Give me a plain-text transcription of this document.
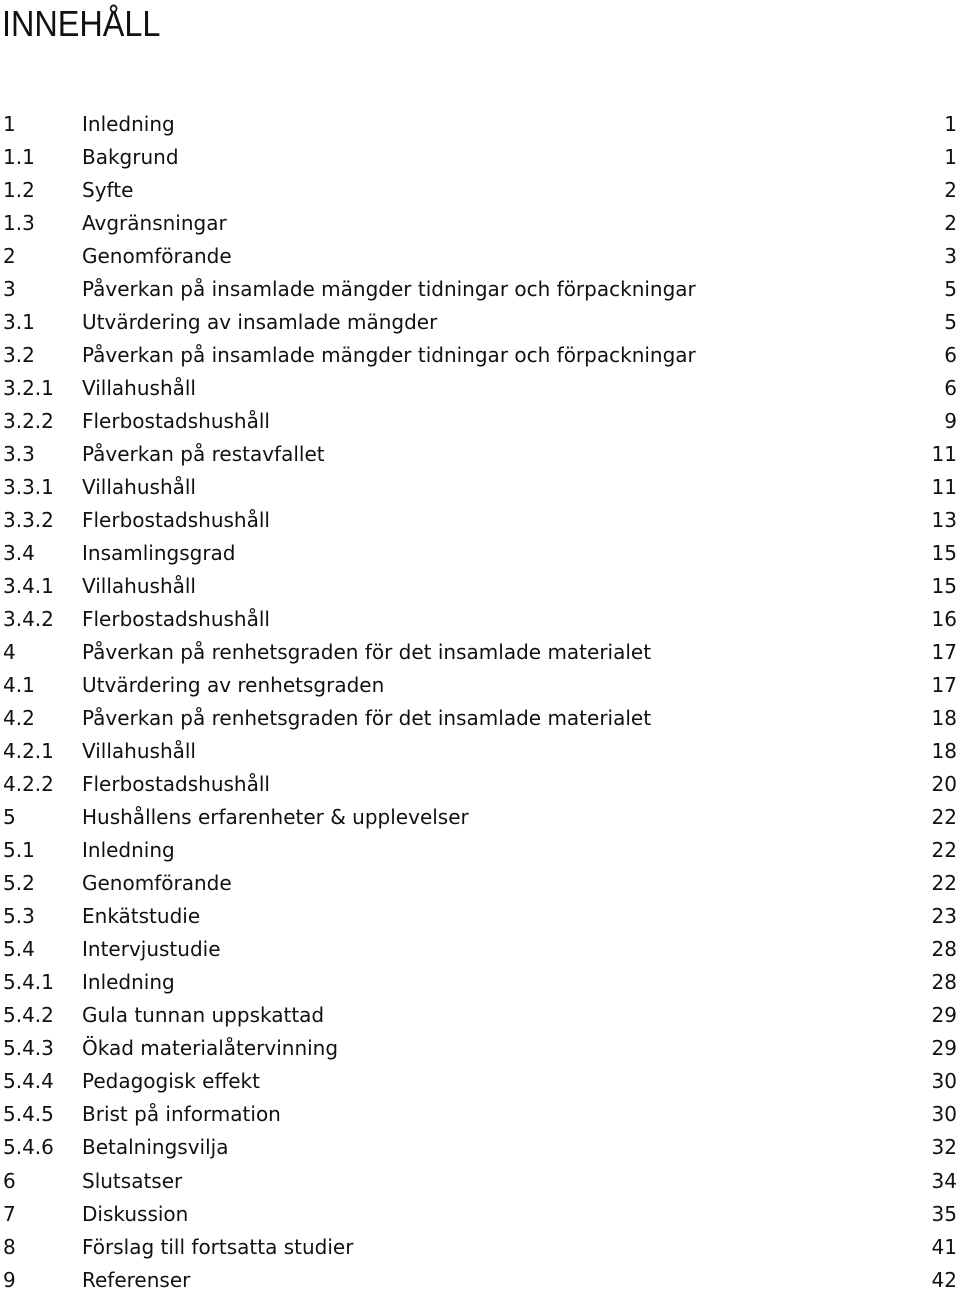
INNEHÅLL
1	Inledning	1
1.1 Bakgrund	1
1.2 Syfte	2
1.3 Avgränsningar	2
2	Genomförande	3
3	Påverkan på insamlade mängder tidningar och förpackningar	5
3.1 Utvärdering av insamlade mängder	5
3.2 Påverkan på insamlade mängder tidningar och förpackningar	6
3.2.1 Villahushåll	6
3.2.2 Flerbostadshushåll	9
3.3 Påverkan på restavfallet	11
3.3.1 Villahushåll	11
3.3.2 Flerbostadshushåll	13
3.4 Insamlingsgrad	15
3.4.1 Villahushåll	15
3.4.2 Flerbostadshushåll	16
4	Påverkan på renhetsgraden för det insamlade materialet	17
4.1 Utvärdering av renhetsgraden	17
4.2 Påverkan på renhetsgraden för det insamlade materialet	18
4.2.1 Villahushåll	18
4.2.2 Flerbostadshushåll	20
5	Hushållens erfarenheter & upplevelser	22
5.1 Inledning	22
5.2 Genomförande	22
5.3 Enkätstudie	23
5.4 Intervjustudie	28
5.4.1 Inledning	28
5.4.2 Gula tunnan uppskattad	29
5.4.3 Ökad materialåtervinning	29
5.4.4 Pedagogisk effekt	30
5.4.5 Brist på information	30
5.4.6 Betalningsvilja	32
6	Slutsatser	34
7	Diskussion	35
8	Förslag till fortsatta studier	41
9	Referenser	42
